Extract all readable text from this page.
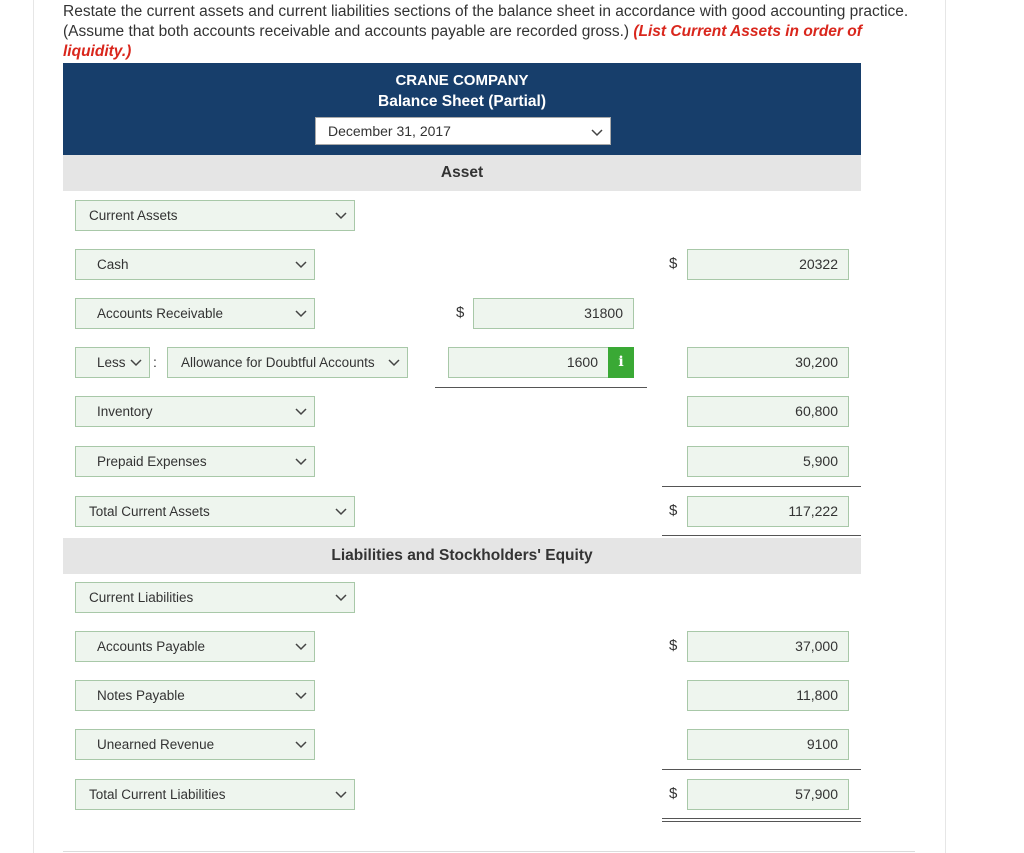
Restate the current assets and current liabilities sections of the balance sheet in accordance with good accounting practice. (Assume that both accounts receivable and accounts payable are recorded gross.) (List Current Assets in order of liquidity.)

CRANE COMPANY
Balance Sheet (Partial)
December 31, 2017
Asset
Current Assets
Cash	$	20322
Accounts Receivable	$	31800
Less	:	Allowance for Doubtful Accounts	1600	i	30,200
Inventory	60,800
Prepaid Expenses	5,900
Total Current Assets	$	117,222
Liabilities and Stockholders' Equity
Current Liabilities
Accounts Payable	$	37,000
Notes Payable	11,800
Unearned Revenue	9100
Total Current Liabilities	$	57,900
